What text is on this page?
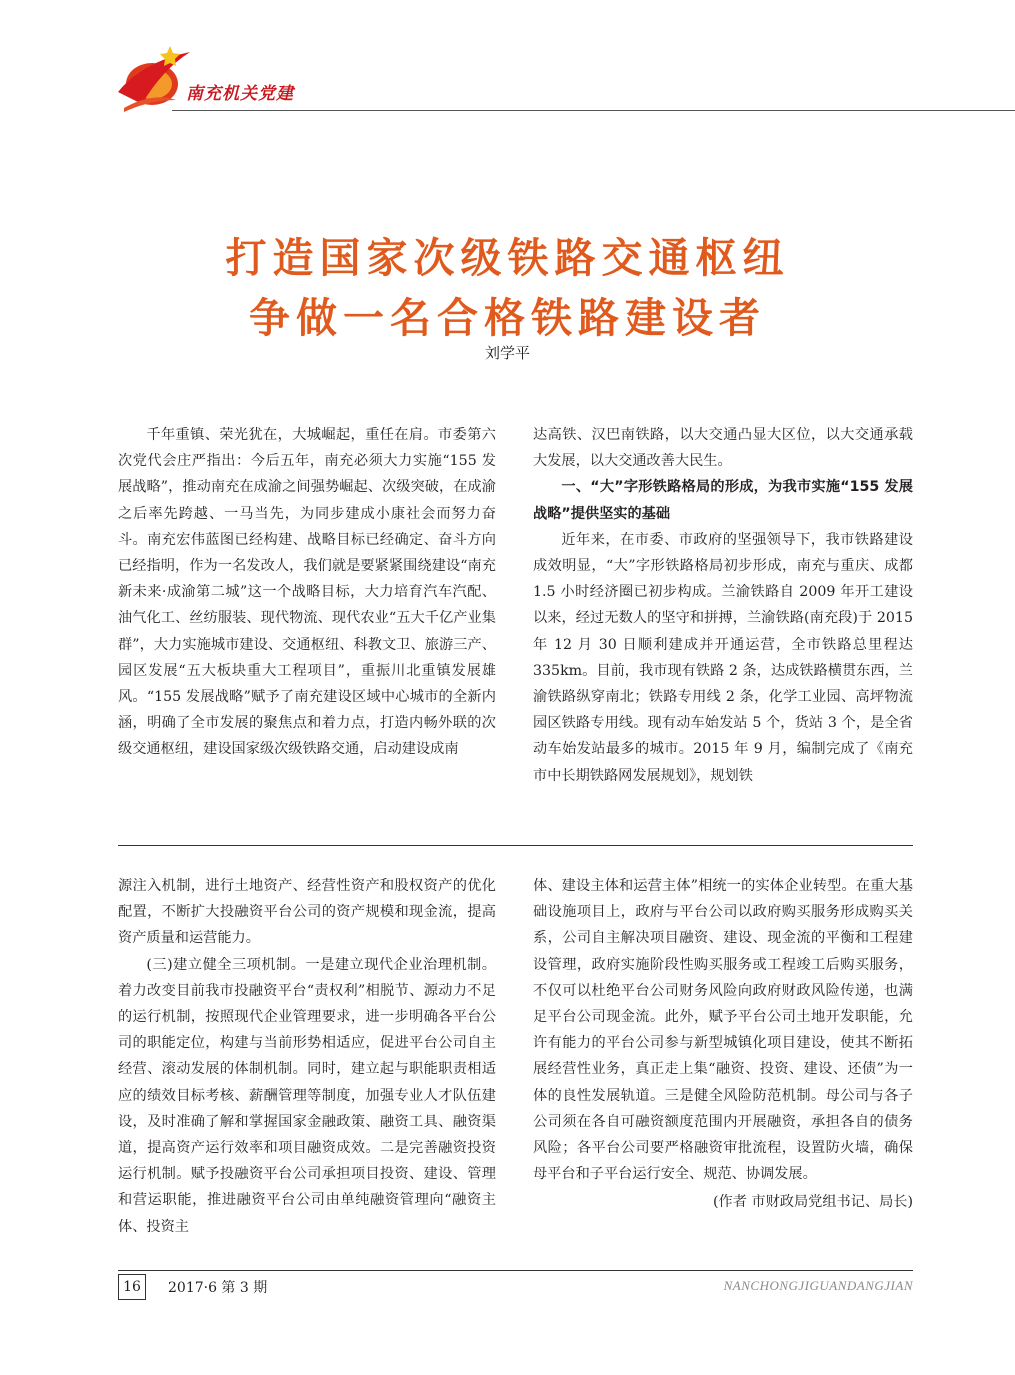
南充机关党建
打造国家次级铁路交通枢纽
争做一名合格铁路建设者
刘学平

千年重镇、荣光犹在，大城崛起，重任在肩。市委第六次党代会庄严指出：今后五年，南充必须大力实施“155 发展战略”，推动南充在成渝之间强势崛起、次级突破，在成渝之后率先跨越、一马当先，为同步建成小康社会而努力奋斗。南充宏伟蓝图已经构建、战略目标已经确定、奋斗方向已经指明，作为一名发改人，我们就是要紧紧围绕建设“南充新未来·成渝第二城”这一个战略目标，大力培育汽车汽配、油气化工、丝纺服装、现代物流、现代农业“五大千亿产业集群”，大力实施城市建设、交通枢纽、科教文卫、旅游三产、园区发展“五大板块重大工程项目”，重振川北重镇发展雄风。“155 发展战略”赋予了南充建设区域中心城市的全新内涵，明确了全市发展的聚焦点和着力点，打造内畅外联的次级交通枢纽，建设国家级次级铁路交通，启动建设成南

达高铁、汉巴南铁路，以大交通凸显大区位，以大交通承载大发展，以大交通改善大民生。

一、“大”字形铁路格局的形成，为我市实施“155 发展战略”提供坚实的基础

近年来，在市委、市政府的坚强领导下，我市铁路建设成效明显，“大”字形铁路格局初步形成，南充与重庆、成都 1.5 小时经济圈已初步构成。兰渝铁路自 2009 年开工建设以来，经过无数人的坚守和拼搏，兰渝铁路(南充段)于 2015 年 12 月 30 日顺利建成并开通运营，全市铁路总里程达 335km。目前，我市现有铁路 2 条，达成铁路横贯东西，兰渝铁路纵穿南北；铁路专用线 2 条，化学工业园、高坪物流园区铁路专用线。现有动车始发站 5 个，货站 3 个，是全省动车始发站最多的城市。2015 年 9 月，编制完成了《南充市中长期铁路网发展规划》，规划铁

源注入机制，进行土地资产、经营性资产和股权资产的优化配置，不断扩大投融资平台公司的资产规模和现金流，提高资产质量和运营能力。

(三)建立健全三项机制。一是建立现代企业治理机制。着力改变目前我市投融资平台“责权利”相脱节、源动力不足的运行机制，按照现代企业管理要求，进一步明确各平台公司的职能定位，构建与当前形势相适应，促进平台公司自主经营、滚动发展的体制机制。同时，建立起与职能职责相适应的绩效目标考核、薪酬管理等制度，加强专业人才队伍建设，及时准确了解和掌握国家金融政策、融资工具、融资渠道，提高资产运行效率和项目融资成效。二是完善融资投资运行机制。赋予投融资平台公司承担项目投资、建设、管理和营运职能，推进融资平台公司由单纯融资管理向“融资主体、投资主

体、建设主体和运营主体”相统一的实体企业转型。在重大基础设施项目上，政府与平台公司以政府购买服务形成购买关系，公司自主解决项目融资、建设、现金流的平衡和工程建设管理，政府实施阶段性购买服务或工程竣工后购买服务，不仅可以杜绝平台公司财务风险向政府财政风险传递，也满足平台公司现金流。此外，赋予平台公司土地开发职能，允许有能力的平台公司参与新型城镇化项目建设，使其不断拓展经营性业务，真正走上集“融资、投资、建设、还债”为一体的良性发展轨道。三是健全风险防范机制。母公司与各子公司须在各自可融资额度范围内开展融资，承担各自的债务风险；各平台公司要严格融资审批流程，设置防火墙，确保母平台和子平台运行安全、规范、协调发展。

(作者 市财政局党组书记、局长)
16	2017·6 第 3 期	NANCHONGJIGUANDANGJIAN
